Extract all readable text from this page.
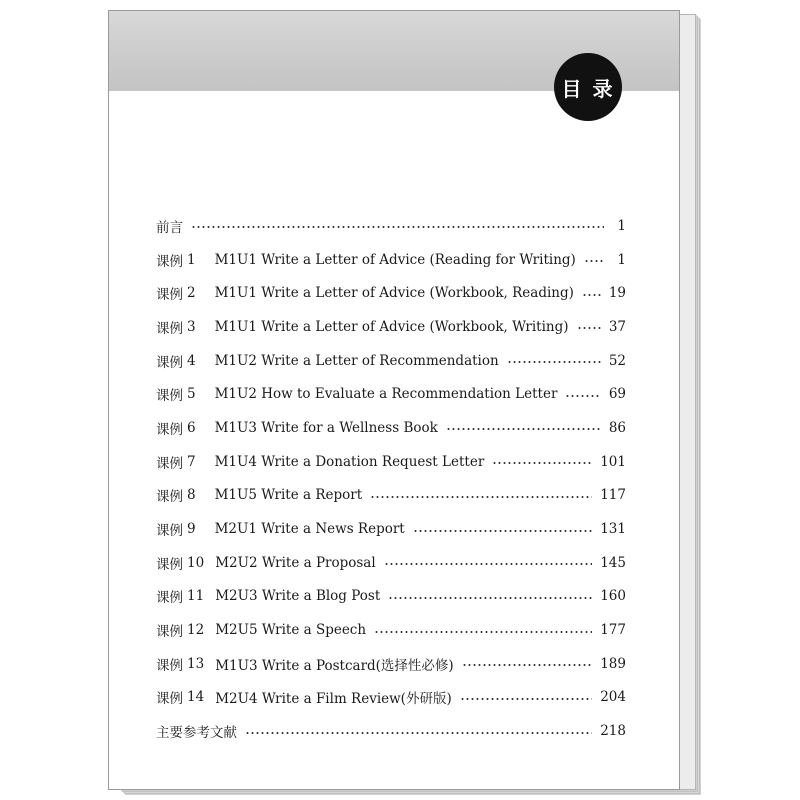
目 录
前言	1
课例 1 M1U1 Write a Letter of Advice (Reading for Writing)	1
课例 2 M1U1 Write a Letter of Advice (Workbook, Reading)	19
课例 3 M1U1 Write a Letter of Advice (Workbook, Writing)	37
课例 4 M1U2 Write a Letter of Recommendation	52
课例 5 M1U2 How to Evaluate a Recommendation Letter	69
课例 6 M1U3 Write for a Wellness Book	86
课例 7 M1U4 Write a Donation Request Letter	101
课例 8 M1U5 Write a Report	117
课例 9 M2U1 Write a News Report	131
课例 10 M2U2 Write a Proposal	145
课例 11 M2U3 Write a Blog Post	160
课例 12 M2U5 Write a Speech	177
课例 13 M1U3 Write a Postcard(选择性必修)	189
课例 14 M2U4 Write a Film Review(外研版)	204
主要参考文献	218
